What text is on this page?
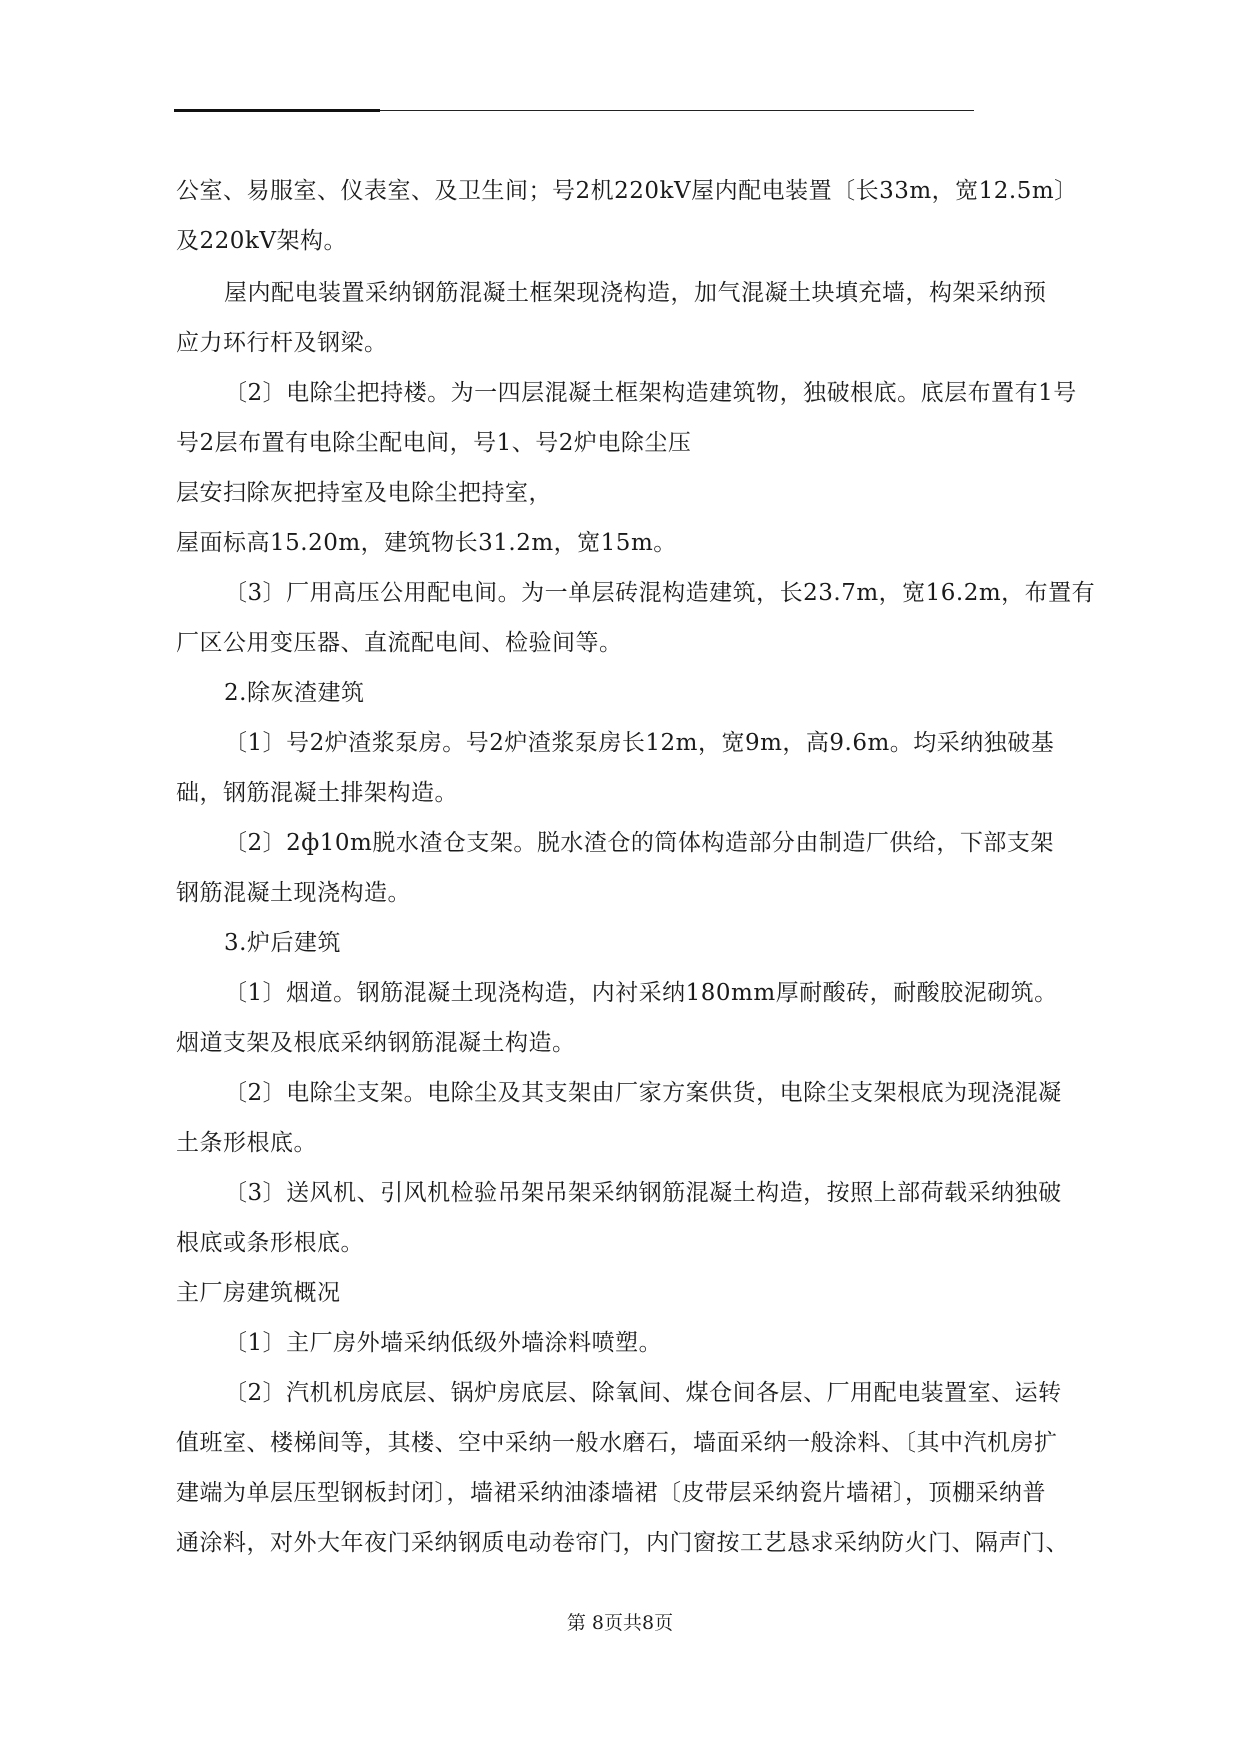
公室、易服室、仪表室、及卫生间；号2机220kV屋内配电装置〔长33m，宽12.5m〕
及220kV架构。
屋内配电装置采纳钢筋混凝土框架现浇构造，加气混凝土块填充墙，构架采纳预
应力环行杆及钢梁。
〔2〕电除尘把持楼。为一四层混凝土框架构造建筑物，独破根底。底层布置有1号
号2层布置有电除尘配电间，号1、号2炉电除尘压
层安扫除灰把持室及电除尘把持室，
屋面标高15.20m，建筑物长31.2m，宽15m。
〔3〕厂用高压公用配电间。为一单层砖混构造建筑，长23.7m，宽16.2m，布置有
厂区公用变压器、直流配电间、检验间等。
2.除灰渣建筑
〔1〕号2炉渣浆泵房。号2炉渣浆泵房长12m，宽9m，高9.6m。均采纳独破基
础，钢筋混凝土排架构造。
〔2〕2ф10m脱水渣仓支架。脱水渣仓的筒体构造部分由制造厂供给，下部支架
钢筋混凝土现浇构造。
3.炉后建筑
〔1〕烟道。钢筋混凝土现浇构造，内衬采纳180mm厚耐酸砖，耐酸胶泥砌筑。
烟道支架及根底采纳钢筋混凝土构造。
〔2〕电除尘支架。电除尘及其支架由厂家方案供货，电除尘支架根底为现浇混凝
土条形根底。
〔3〕送风机、引风机检验吊架吊架采纳钢筋混凝土构造，按照上部荷载采纳独破
根底或条形根底。
主厂房建筑概况
〔1〕主厂房外墙采纳低级外墙涂料喷塑。
〔2〕汽机机房底层、锅炉房底层、除氧间、煤仓间各层、厂用配电装置室、运转
值班室、楼梯间等，其楼、空中采纳一般水磨石，墙面采纳一般涂料、〔其中汽机房扩
建端为单层压型钢板封闭〕，墙裙采纳油漆墙裙〔皮带层采纳瓷片墙裙〕，顶棚采纳普
通涂料，对外大年夜门采纳钢质电动卷帘门，内门窗按工艺恳求采纳防火门、隔声门、
第 8页共8页
